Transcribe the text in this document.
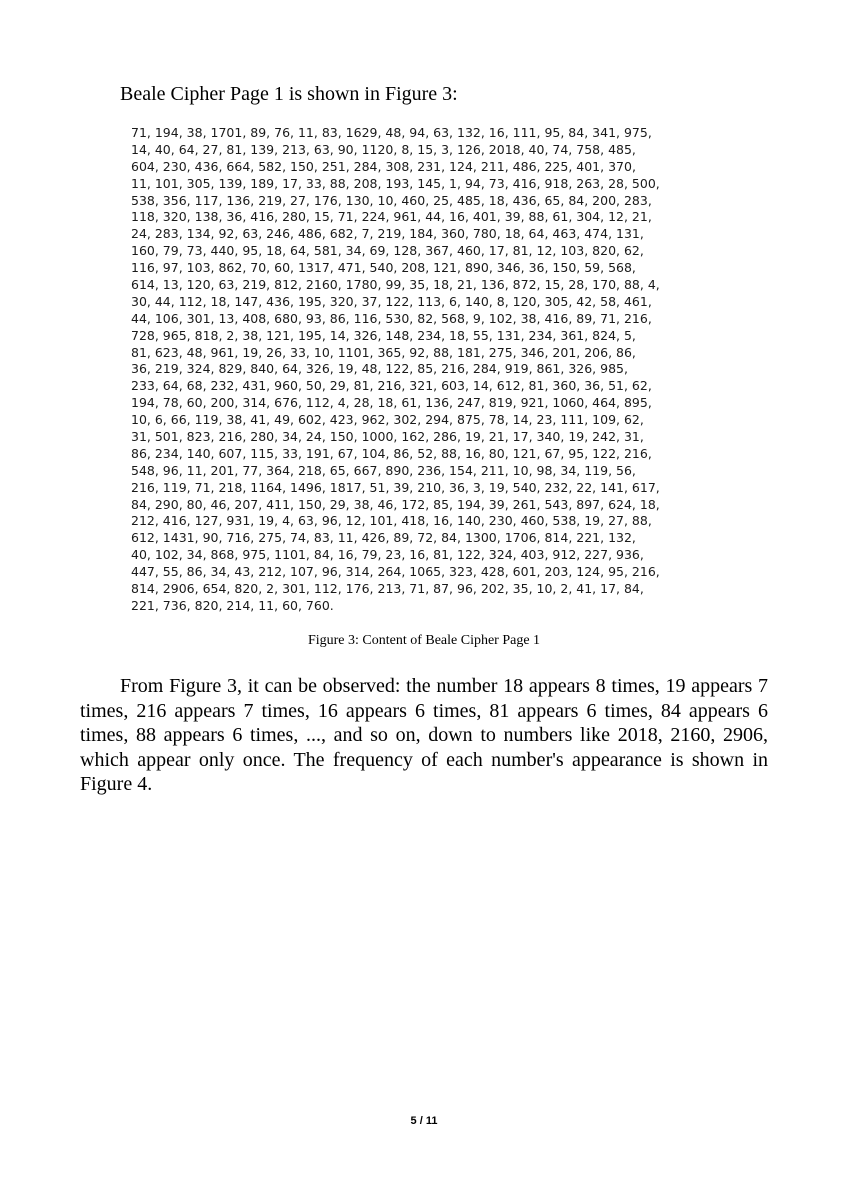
Beale Cipher Page 1 is shown in Figure 3:
71, 194, 38, 1701, 89, 76, 11, 83, 1629, 48, 94, 63, 132, 16, 111, 95, 84, 341, 975,
14, 40, 64, 27, 81, 139, 213, 63, 90, 1120, 8, 15, 3, 126, 2018, 40, 74, 758, 485,
604, 230, 436, 664, 582, 150, 251, 284, 308, 231, 124, 211, 486, 225, 401, 370,
11, 101, 305, 139, 189, 17, 33, 88, 208, 193, 145, 1, 94, 73, 416, 918, 263, 28, 500,
538, 356, 117, 136, 219, 27, 176, 130, 10, 460, 25, 485, 18, 436, 65, 84, 200, 283,
118, 320, 138, 36, 416, 280, 15, 71, 224, 961, 44, 16, 401, 39, 88, 61, 304, 12, 21,
24, 283, 134, 92, 63, 246, 486, 682, 7, 219, 184, 360, 780, 18, 64, 463, 474, 131,
160, 79, 73, 440, 95, 18, 64, 581, 34, 69, 128, 367, 460, 17, 81, 12, 103, 820, 62,
116, 97, 103, 862, 70, 60, 1317, 471, 540, 208, 121, 890, 346, 36, 150, 59, 568,
614, 13, 120, 63, 219, 812, 2160, 1780, 99, 35, 18, 21, 136, 872, 15, 28, 170, 88, 4,
30, 44, 112, 18, 147, 436, 195, 320, 37, 122, 113, 6, 140, 8, 120, 305, 42, 58, 461,
44, 106, 301, 13, 408, 680, 93, 86, 116, 530, 82, 568, 9, 102, 38, 416, 89, 71, 216,
728, 965, 818, 2, 38, 121, 195, 14, 326, 148, 234, 18, 55, 131, 234, 361, 824, 5,
81, 623, 48, 961, 19, 26, 33, 10, 1101, 365, 92, 88, 181, 275, 346, 201, 206, 86,
36, 219, 324, 829, 840, 64, 326, 19, 48, 122, 85, 216, 284, 919, 861, 326, 985,
233, 64, 68, 232, 431, 960, 50, 29, 81, 216, 321, 603, 14, 612, 81, 360, 36, 51, 62,
194, 78, 60, 200, 314, 676, 112, 4, 28, 18, 61, 136, 247, 819, 921, 1060, 464, 895,
10, 6, 66, 119, 38, 41, 49, 602, 423, 962, 302, 294, 875, 78, 14, 23, 111, 109, 62,
31, 501, 823, 216, 280, 34, 24, 150, 1000, 162, 286, 19, 21, 17, 340, 19, 242, 31,
86, 234, 140, 607, 115, 33, 191, 67, 104, 86, 52, 88, 16, 80, 121, 67, 95, 122, 216,
548, 96, 11, 201, 77, 364, 218, 65, 667, 890, 236, 154, 211, 10, 98, 34, 119, 56,
216, 119, 71, 218, 1164, 1496, 1817, 51, 39, 210, 36, 3, 19, 540, 232, 22, 141, 617,
84, 290, 80, 46, 207, 411, 150, 29, 38, 46, 172, 85, 194, 39, 261, 543, 897, 624, 18,
212, 416, 127, 931, 19, 4, 63, 96, 12, 101, 418, 16, 140, 230, 460, 538, 19, 27, 88,
612, 1431, 90, 716, 275, 74, 83, 11, 426, 89, 72, 84, 1300, 1706, 814, 221, 132,
40, 102, 34, 868, 975, 1101, 84, 16, 79, 23, 16, 81, 122, 324, 403, 912, 227, 936,
447, 55, 86, 34, 43, 212, 107, 96, 314, 264, 1065, 323, 428, 601, 203, 124, 95, 216,
814, 2906, 654, 820, 2, 301, 112, 176, 213, 71, 87, 96, 202, 35, 10, 2, 41, 17, 84,
221, 736, 820, 214, 11, 60, 760.
Figure 3: Content of Beale Cipher Page 1

From Figure 3, it can be observed: the number 18 appears 8 times, 19 appears 7 times, 216 appears 7 times, 16 appears 6 times, 81 appears 6 times, 84 appears 6 times, 88 appears 6 times, ..., and so on, down to numbers like 2018, 2160, 2906, which appear only once. The frequency of each number's appearance is shown in Figure 4.

5 / 11
